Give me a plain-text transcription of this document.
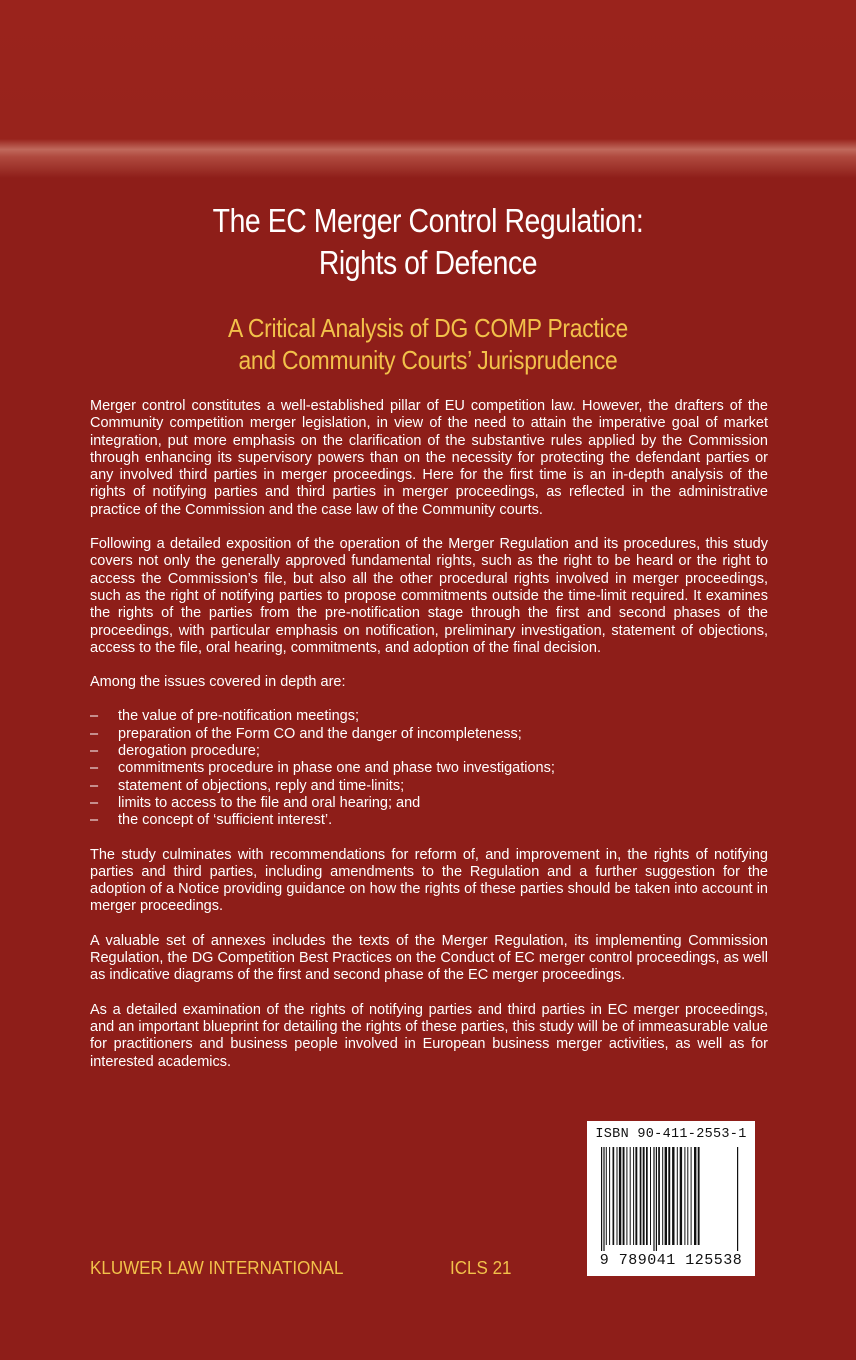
The EC Merger Control Regulation:
Rights of Defence
A Critical Analysis of DG COMP Practice
and Community Courts’ Jurisprudence

Merger control constitutes a well-established pillar of EU competition law. However, the drafters of the Community competition merger legislation, in view of the need to attain the imperative goal of market integration, put more emphasis on the clarification of the substantive rules applied by the Commission through enhancing its supervisory powers than on the necessity for protecting the defendant parties or any involved third parties in merger proceedings. Here for the first time is an in-depth analysis of the rights of notifying parties and third parties in merger proceedings, as reflected in the administrative practice of the Commission and the case law of the Community courts.

Following a detailed exposition of the operation of the Merger Regulation and its procedures, this study covers not only the generally approved fundamental rights, such as the right to be heard or the right to access the Commission’s file, but also all the other procedural rights involved in merger proceedings, such as the right of notifying parties to propose commitments outside the time-limit required. It examines the rights of the parties from the pre-notification stage through the first and second phases of the proceedings, with particular emphasis on notification, preliminary investigation, statement of objections, access to the file, oral hearing, commitments, and adoption of the final decision.

Among the issues covered in depth are:

– the value of pre-notification meetings;
– preparation of the Form CO and the danger of incompleteness;
– derogation procedure;
– commitments procedure in phase one and phase two investigations;
– statement of objections, reply and time-linits;
– limits to access to the file and oral hearing; and
– the concept of ‘sufficient interest’.

The study culminates with recommendations for reform of, and improvement in, the rights of notifying parties and third parties, including amendments to the Regulation and a further suggestion for the adoption of a Notice providing guidance on how the rights of these parties should be taken into account in merger proceedings.

A valuable set of annexes includes the texts of the Merger Regulation, its implementing Commission Regulation, the DG Competition Best Practices on the Conduct of EC merger control proceedings, as well as indicative diagrams of the first and second phase of the EC merger proceedings.

As a detailed examination of the rights of notifying parties and third parties in EC merger proceedings, and an important blueprint for detailing the rights of these parties, this study will be of immeasurable value for practitioners and business people involved in European business merger activities, as well as for interested academics.

KLUWER LAW INTERNATIONAL	ICLS 21
ISBN 90-411-2553-1
9 789041 125538
